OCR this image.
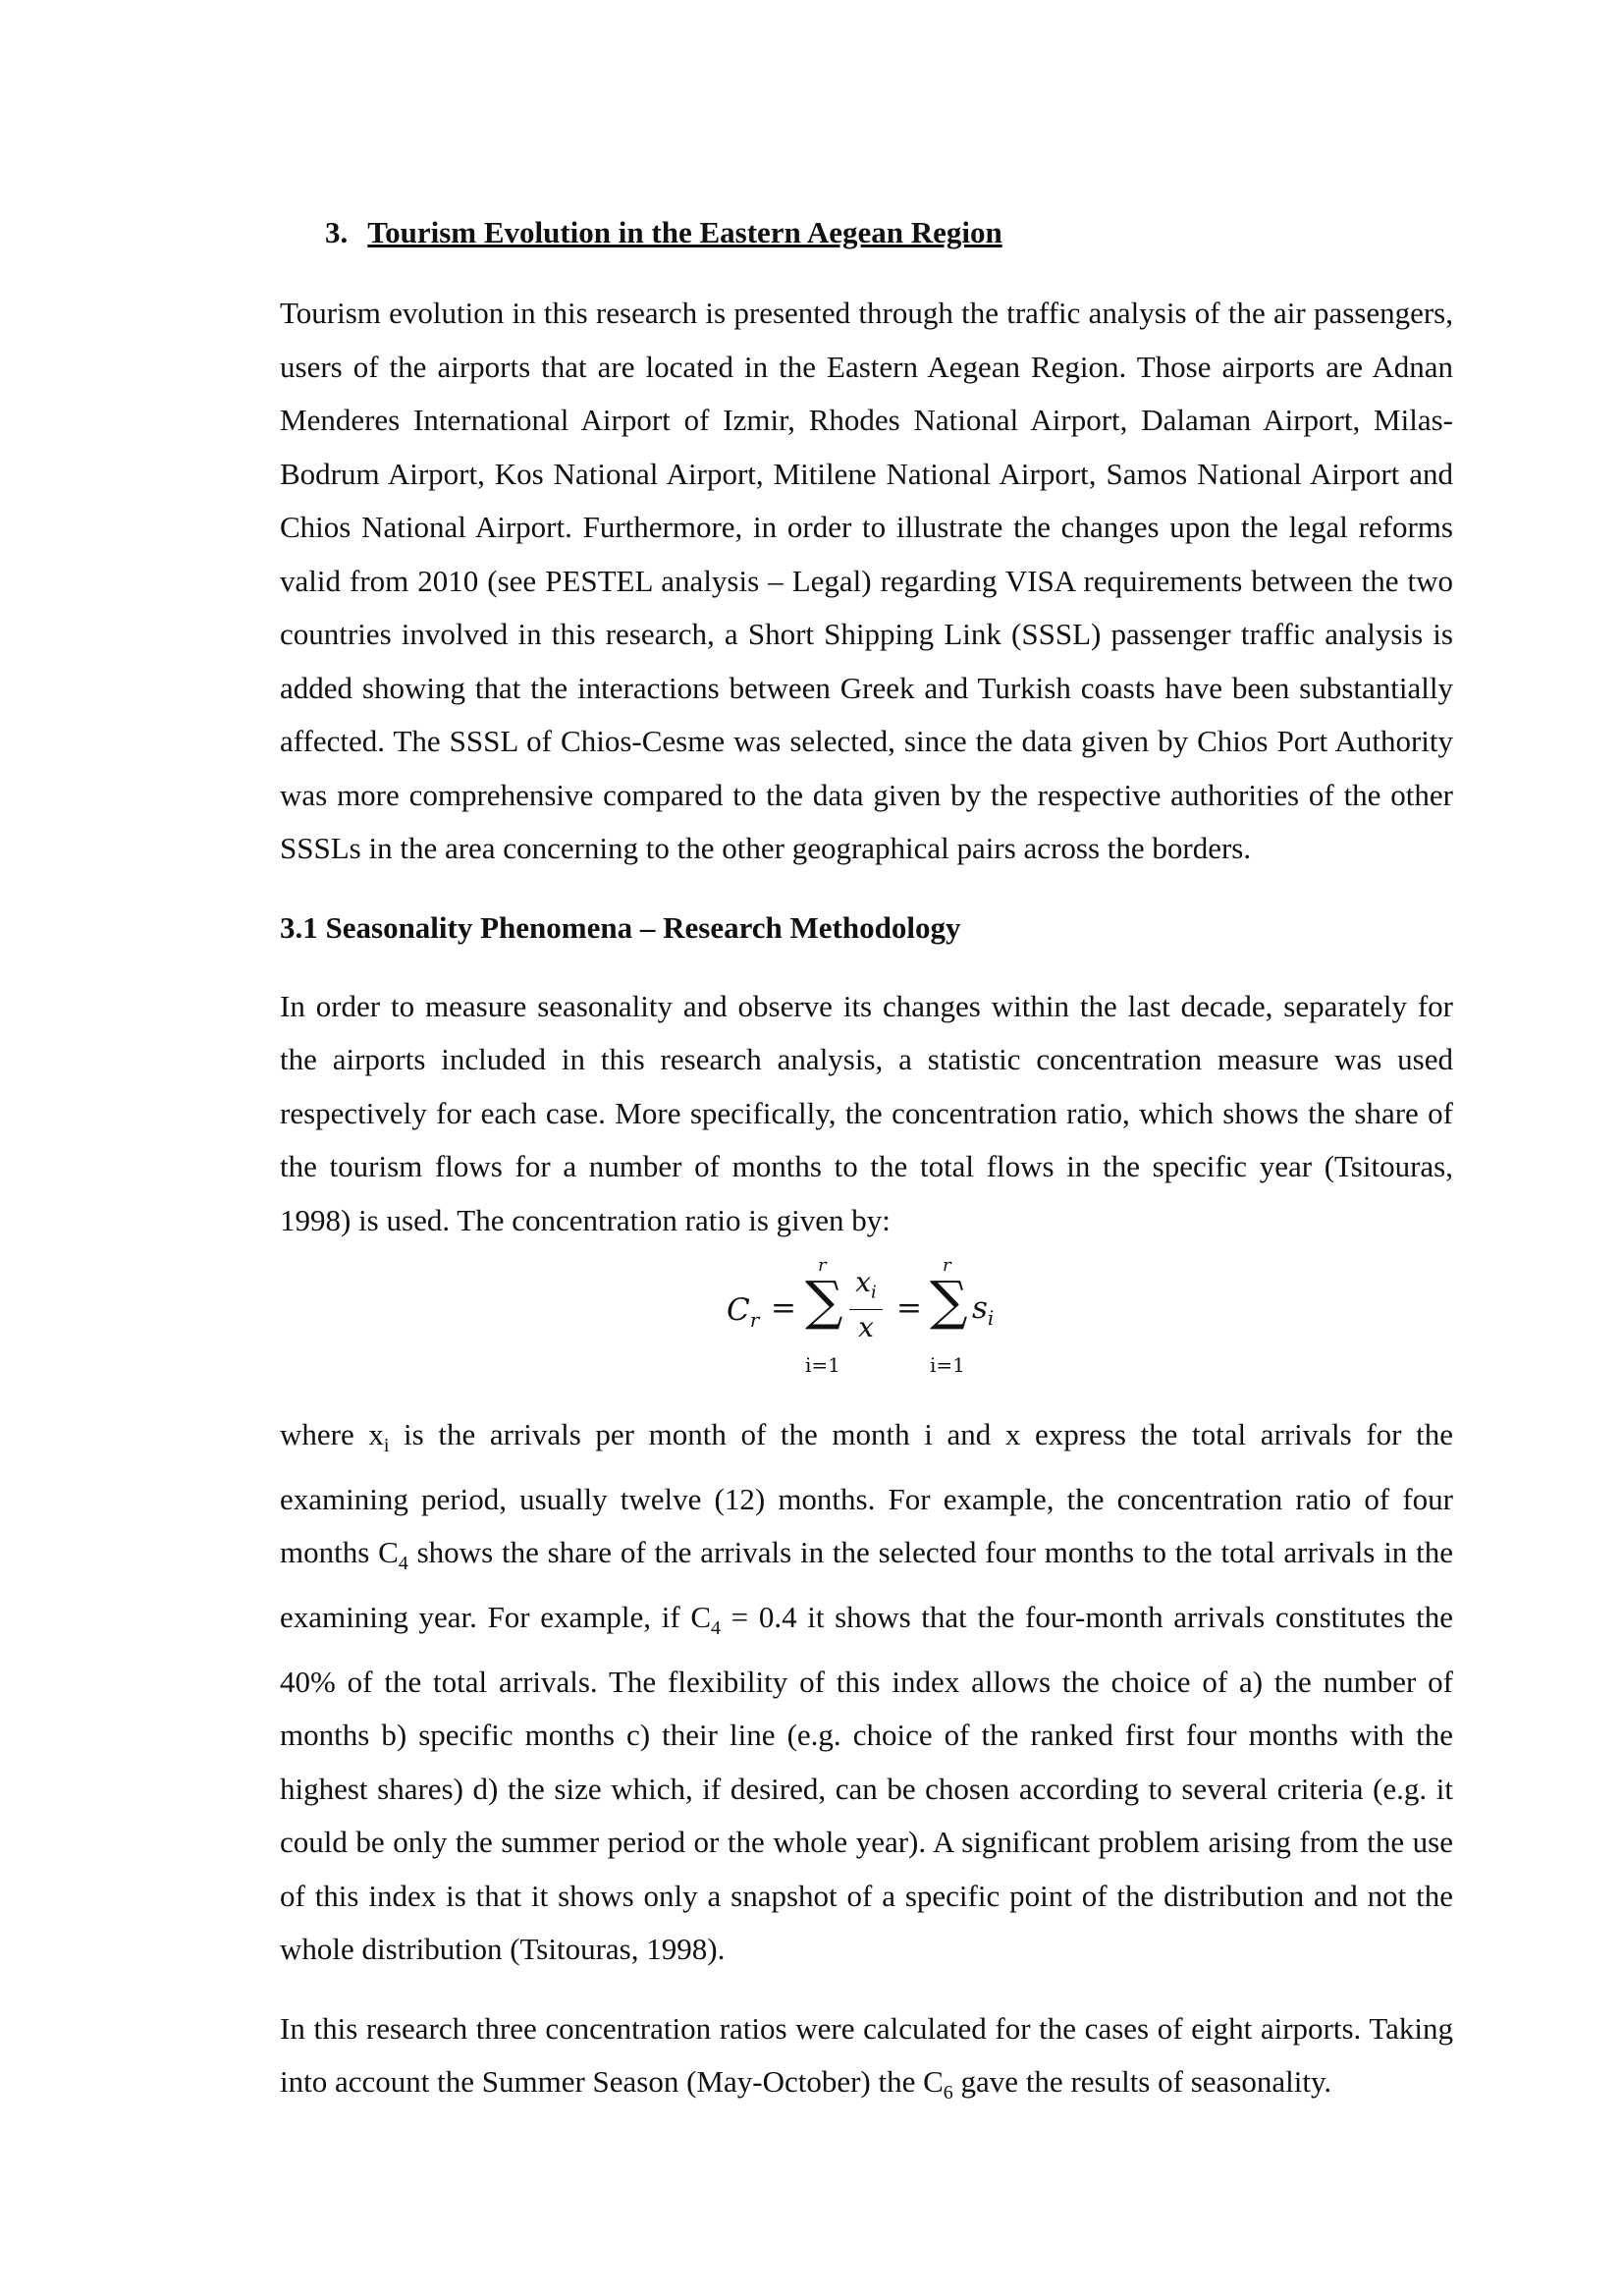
3. Tourism Evolution in the Eastern Aegean Region

Tourism evolution in this research is presented through the traffic analysis of the air passengers, users of the airports that are located in the Eastern Aegean Region. Those airports are Adnan Menderes International Airport of Izmir, Rhodes National Airport, Dalaman Airport, Milas-Bodrum Airport, Kos National Airport, Mitilene National Airport, Samos National Airport and Chios National Airport. Furthermore, in order to illustrate the changes upon the legal reforms valid from 2010 (see PESTEL analysis – Legal) regarding VISA requirements between the two countries involved in this research, a Short Shipping Link (SSSL) passenger traffic analysis is added showing that the interactions between Greek and Turkish coasts have been substantially affected. The SSSL of Chios-Cesme was selected, since the data given by Chios Port Authority was more comprehensive compared to the data given by the respective authorities of the other SSSLs in the area concerning to the other geographical pairs across the borders.

3.1 Seasonality Phenomena – Research Methodology

In order to measure seasonality and observe its changes within the last decade, separately for the airports included in this research analysis, a statistic concentration measure was used respectively for each case. More specifically, the concentration ratio, which shows the share of the tourism flows for a number of months to the total flows in the specific year (Tsitouras, 1998) is used. The concentration ratio is given by:

$C_r$ =
r
∑
i=1
$\frac{x_i}{x}$ =
r
∑
i=1
$s_i$

where $x_i$ is the arrivals per month of the month i and x express the total arrivals for the examining period, usually twelve (12) months. For example, the concentration ratio of four months $C_4$ shows the share of the arrivals in the selected four months to the total arrivals in the examining year. For example, if $C_4 = 0.4$ it shows that the four-month arrivals constitutes the 40% of the total arrivals. The flexibility of this index allows the choice of a) the number of months b) specific months c) their line (e.g. choice of the ranked first four months with the highest shares) d) the size which, if desired, can be chosen according to several criteria (e.g. it could be only the summer period or the whole year). A significant problem arising from the use of this index is that it shows only a snapshot of a specific point of the distribution and not the whole distribution (Tsitouras, 1998).

In this research three concentration ratios were calculated for the cases of eight airports. Taking into account the Summer Season (May-October) the $C_6$ gave the results of seasonality.
